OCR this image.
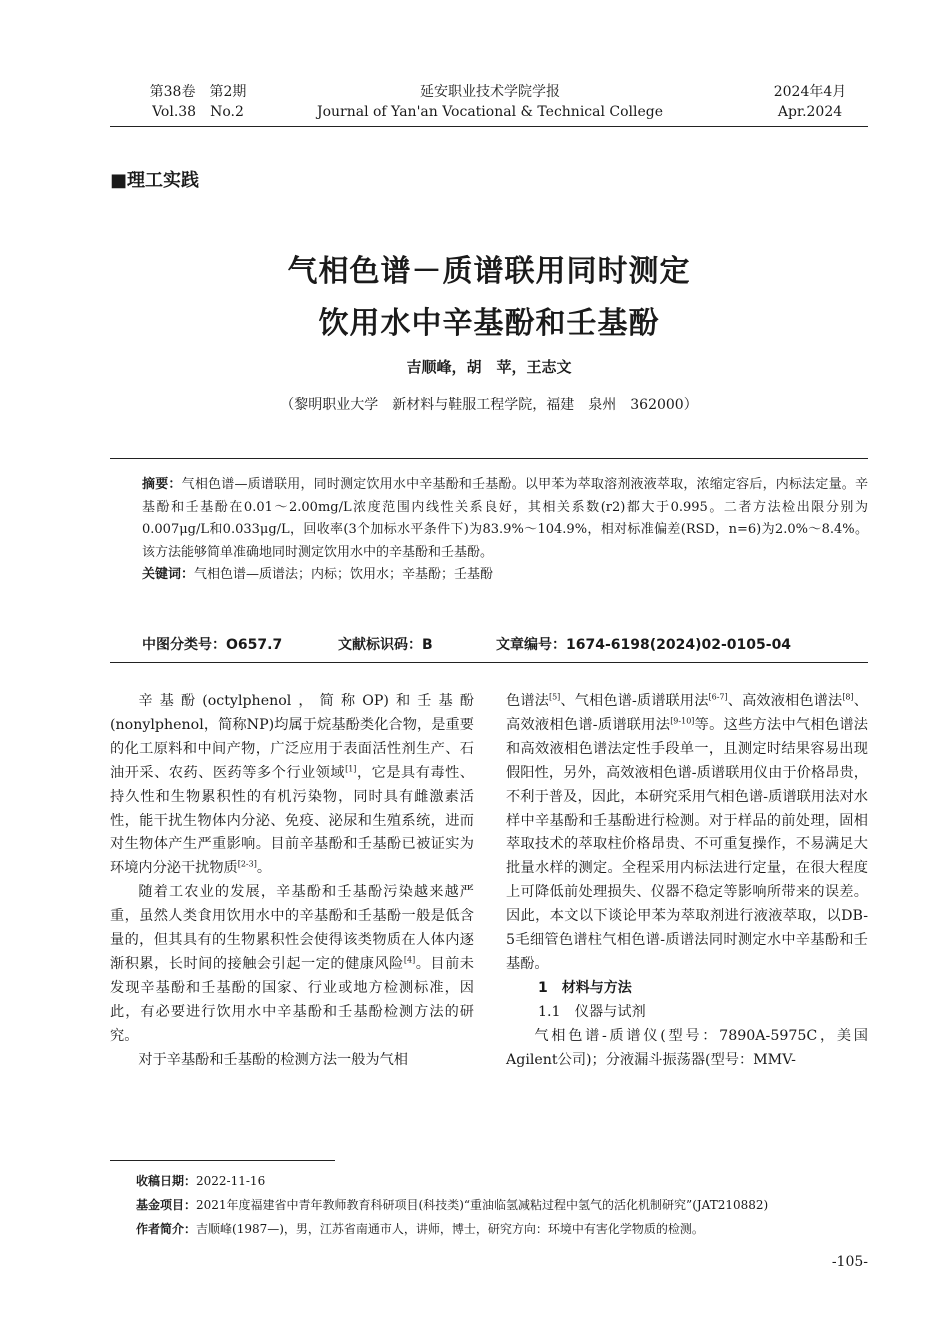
第38卷　第2期
Vol.38　No.2
延安职业技术学院学报
Journal of Yan'an Vocational & Technical College
2024年4月
Apr.2024
■理工实践
气相色谱－质谱联用同时测定
饮用水中辛基酚和壬基酚
吉顺峰，胡　苹，王志文
（黎明职业大学　新材料与鞋服工程学院，福建　泉州　362000）
摘要：气相色谱—质谱联用，同时测定饮用水中辛基酚和壬基酚。以甲苯为萃取溶剂液液萃取，浓缩定容后，内标法定量。辛基酚和壬基酚在0.01～2.00mg/L浓度范围内线性关系良好，其相关系数(r2)都大于0.995。二者方法检出限分别为0.007μg/L和0.033μg/L，回收率(3个加标水平条件下)为83.9%～104.9%，相对标准偏差(RSD，n=6)为2.0%～8.4%。该方法能够简单准确地同时测定饮用水中的辛基酚和壬基酚。
关键词：气相色谱—质谱法；内标；饮用水；辛基酚；壬基酚
中图分类号：O657.7	文献标识码：B	文章编号：1674-6198(2024)02-0105-04

辛基酚(octylphenol，简称OP)和壬基酚(nonylphenol，简称NP)均属于烷基酚类化合物，是重要的化工原料和中间产物，广泛应用于表面活性剂生产、石油开采、农药、医药等多个行业领域[1]，它是具有毒性、持久性和生物累积性的有机污染物，同时具有雌激素活性，能干扰生物体内分泌、免疫、泌尿和生殖系统，进而对生物体产生严重影响。目前辛基酚和壬基酚已被证实为环境内分泌干扰物质[2-3]。

随着工农业的发展，辛基酚和壬基酚污染越来越严重，虽然人类食用饮用水中的辛基酚和壬基酚一般是低含量的，但其具有的生物累积性会使得该类物质在人体内逐渐积累，长时间的接触会引起一定的健康风险[4]。目前未发现辛基酚和壬基酚的国家、行业或地方检测标准，因此，有必要进行饮用水中辛基酚和壬基酚检测方法的研究。

对于辛基酚和壬基酚的检测方法一般为气相

色谱法[5]、气相色谱-质谱联用法[6-7]、高效液相色谱法[8]、高效液相色谱-质谱联用法[9-10]等。这些方法中气相色谱法和高效液相色谱法定性手段单一，且测定时结果容易出现假阳性，另外，高效液相色谱-质谱联用仪由于价格昂贵，不利于普及，因此，本研究采用气相色谱-质谱联用法对水样中辛基酚和壬基酚进行检测。对于样品的前处理，固相萃取技术的萃取柱价格昂贵、不可重复操作，不易满足大批量水样的测定。全程采用内标法进行定量，在很大程度上可降低前处理损失、仪器不稳定等影响所带来的误差。因此，本文以下谈论甲苯为萃取剂进行液液萃取，以DB-5毛细管色谱柱气相色谱-质谱法同时测定水中辛基酚和壬基酚。

1　材料与方法

1.1　仪器与试剂

气相色谱-质谱仪(型号：7890A-5975C，美国Agilent公司)；分液漏斗振荡器(型号：MMV-

收稿日期：2022-11-16
基金项目：2021年度福建省中青年教师教育科研项目(科技类)“重油临氢减粘过程中氢气的活化机制研究”(JAT210882)
作者简介：吉顺峰(1987—)，男，江苏省南通市人，讲师，博士，研究方向：环境中有害化学物质的检测。
-105-
